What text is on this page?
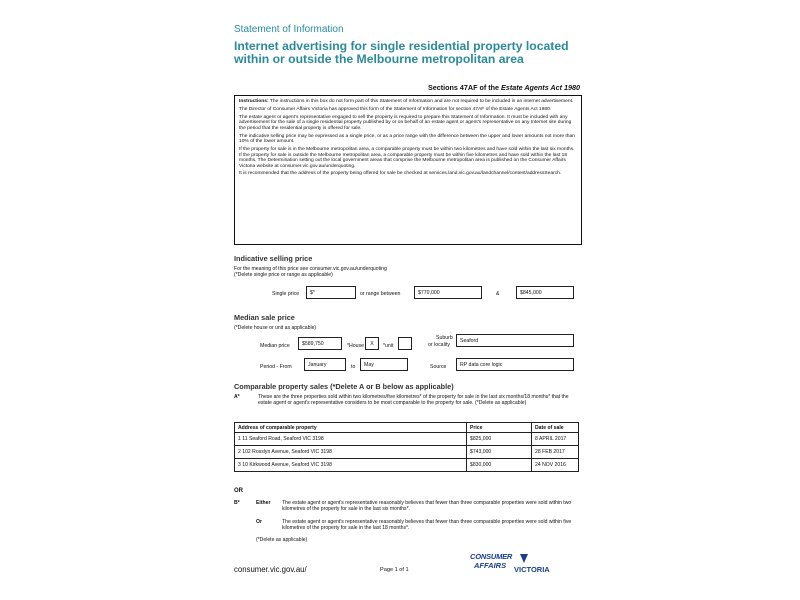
Statement of Information
Internet advertising for single residential property located within or outside the Melbourne metropolitan area
Sections 47AF of the Estate Agents Act 1980

Instructions: The instructions in this box do not form part of this Statement of Information and are not required to be included in an internet advertisement.

The Director of Consumer Affairs Victoria has approved this form of the Statement of Information for section 47AF of the Estate Agents Act 1980.

The estate agent or agent's representative engaged to sell the property is required to prepare this Statement of Information. It must be included with any advertisement for the sale of a single residential property published by or on behalf of an estate agent or agent's representative on any Internet site during the period that the residential property is offered for sale.

The indicative selling price may be expressed as a single price, or as a price range with the difference between the upper and lower amounts not more than 10% of the lower amount.

If the property for sale is in the Melbourne metropolitan area, a comparable property must be within two kilometres and have sold within the last six months. If the property for sale is outside the Melbourne metropolitan area, a comparable property must be within five kilometres and have sold within the last 18 months. The Determination setting out the local government areas that comprise the Melbourne metropolitan area is published on the Consumer Affairs Victoria website at consumer.vic.gov.au/underquoting.

It is recommended that the address of the property being offered for sale be checked at services.land.vic.gov.au/landchannel/content/addressSearch.

Indicative selling price
For the meaning of this price see consumer.vic.gov.au/underquoting
(*Delete single price or range as applicable)
Single price	$*	or range between	$770,000	&	$845,000
Median sale price
(*Delete house or unit as applicable)
Median price	$589,750	*House	X	*unit
Suburb
or locality
Seaford
Period - From	January	to	May	Source	RP data core logic
Comparable property sales (*Delete A or B below as applicable)
A*	These are the three properties sold within two kilometres/five kilometres* of the property for sale in the last six months/18 months* that the estate agent or agent's representative considers to be most comparable to the property for sale. (*Delete as applicable)
Address of comparable property	Price	Date of sale
1 11 Seaford Road, Seaford VIC 3198	$825,000	8 APRIL 2017
2 102 Rosslyn Avenue, Seaford VIC 3198	$743,000	28 FEB 2017
3 10 Kirkwood Avenue, Seaford VIC 3198	$830,000	24 NOV 2016
OR
B*	Either The estate agent or agent's representative reasonably believes that fewer than three comparable properties were sold within two kilometres of the property for sale in the last six months*.
Or	The estate agent or agent's representative reasonably believes that fewer than three comparable properties were sold within five kilometres of the property for sale in the last 18 months*.
(*Delete as applicable)
consumer.vic.gov.au/	Page 1 of 1
CONSUMER
AFFAIRS VICTORIA
